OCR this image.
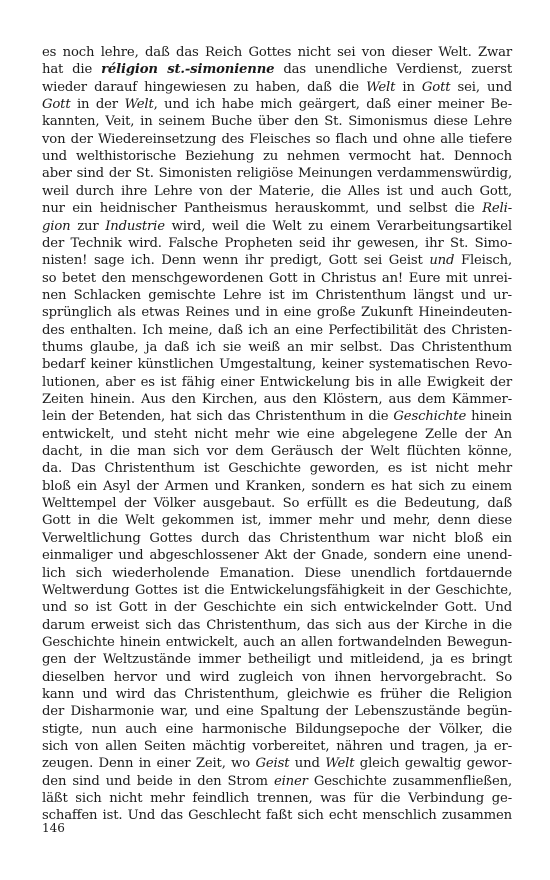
es noch lehre, daß das Reich Gottes nicht sei von dieser Welt. Zwar
hat die réligion st.-simonienne das unendliche Verdienst, zuerst
wieder darauf hingewiesen zu haben, daß die Welt in Gott sei, und
Gott in der Welt, und ich habe mich geärgert, daß einer meiner Be-
kannten, Veit, in seinem Buche über den St. Simonismus diese Lehre
von der Wiedereinsetzung des Fleisches so flach und ohne alle tiefere
und welthistorische Beziehung zu nehmen vermocht hat. Dennoch
aber sind der St. Simonisten religiöse Meinungen verdammenswürdig,
weil durch ihre Lehre von der Materie, die Alles ist und auch Gott,
nur ein heidnischer Pantheismus herauskommt, und selbst die Reli-
gion zur Industrie wird, weil die Welt zu einem Verarbeitungsartikel
der Technik wird. Falsche Propheten seid ihr gewesen, ihr St. Simo-
nisten! sage ich. Denn wenn ihr predigt, Gott sei Geist und Fleisch,
so betet den menschgewordenen Gott in Christus an! Eure mit unrei-
nen Schlacken gemischte Lehre ist im Christenthum längst und ur-
sprünglich als etwas Reines und in eine große Zukunft Hineindeuten-
des enthalten. Ich meine, daß ich an eine Perfectibilität des Christen-
thums glaube, ja daß ich sie weiß an mir selbst. Das Christenthum
bedarf keiner künstlichen Umgestaltung, keiner systematischen Revo-
lutionen, aber es ist fähig einer Entwickelung bis in alle Ewigkeit der
Zeiten hinein. Aus den Kirchen, aus den Klöstern, aus dem Kämmer-
lein der Betenden, hat sich das Christenthum in die Geschichte hinein
entwickelt, und steht nicht mehr wie eine abgelegene Zelle der An
dacht, in die man sich vor dem Geräusch der Welt flüchten könne,
da. Das Christenthum ist Geschichte geworden, es ist nicht mehr
bloß ein Asyl der Armen und Kranken, sondern es hat sich zu einem
Welttempel der Völker ausgebaut. So erfüllt es die Bedeutung, daß
Gott in die Welt gekommen ist, immer mehr und mehr, denn diese
Verweltlichung Gottes durch das Christenthum war nicht bloß ein
einmaliger und abgeschlossener Akt der Gnade, sondern eine unend-
lich sich wiederholende Emanation. Diese unendlich fortdauernde
Weltwerdung Gottes ist die Entwickelungsfähigkeit in der Geschichte,
und so ist Gott in der Geschichte ein sich entwickelnder Gott. Und
darum erweist sich das Christenthum, das sich aus der Kirche in die
Geschichte hinein entwickelt, auch an allen fortwandelnden Bewegun-
gen der Weltzustände immer betheiligt und mitleidend, ja es bringt
dieselben hervor und wird zugleich von ihnen hervorgebracht. So
kann und wird das Christenthum, gleichwie es früher die Religion
der Disharmonie war, und eine Spaltung der Lebenszustände begün-
stigte, nun auch eine harmonische Bildungsepoche der Völker, die
sich von allen Seiten mächtig vorbereitet, nähren und tragen, ja er-
zeugen. Denn in einer Zeit, wo Geist und Welt gleich gewaltig gewor-
den sind und beide in den Strom einer Geschichte zusammenfließen,
läßt sich nicht mehr feindlich trennen, was für die Verbindung ge-
schaffen ist. Und das Geschlecht faßt sich echt menschlich zusammen
146
